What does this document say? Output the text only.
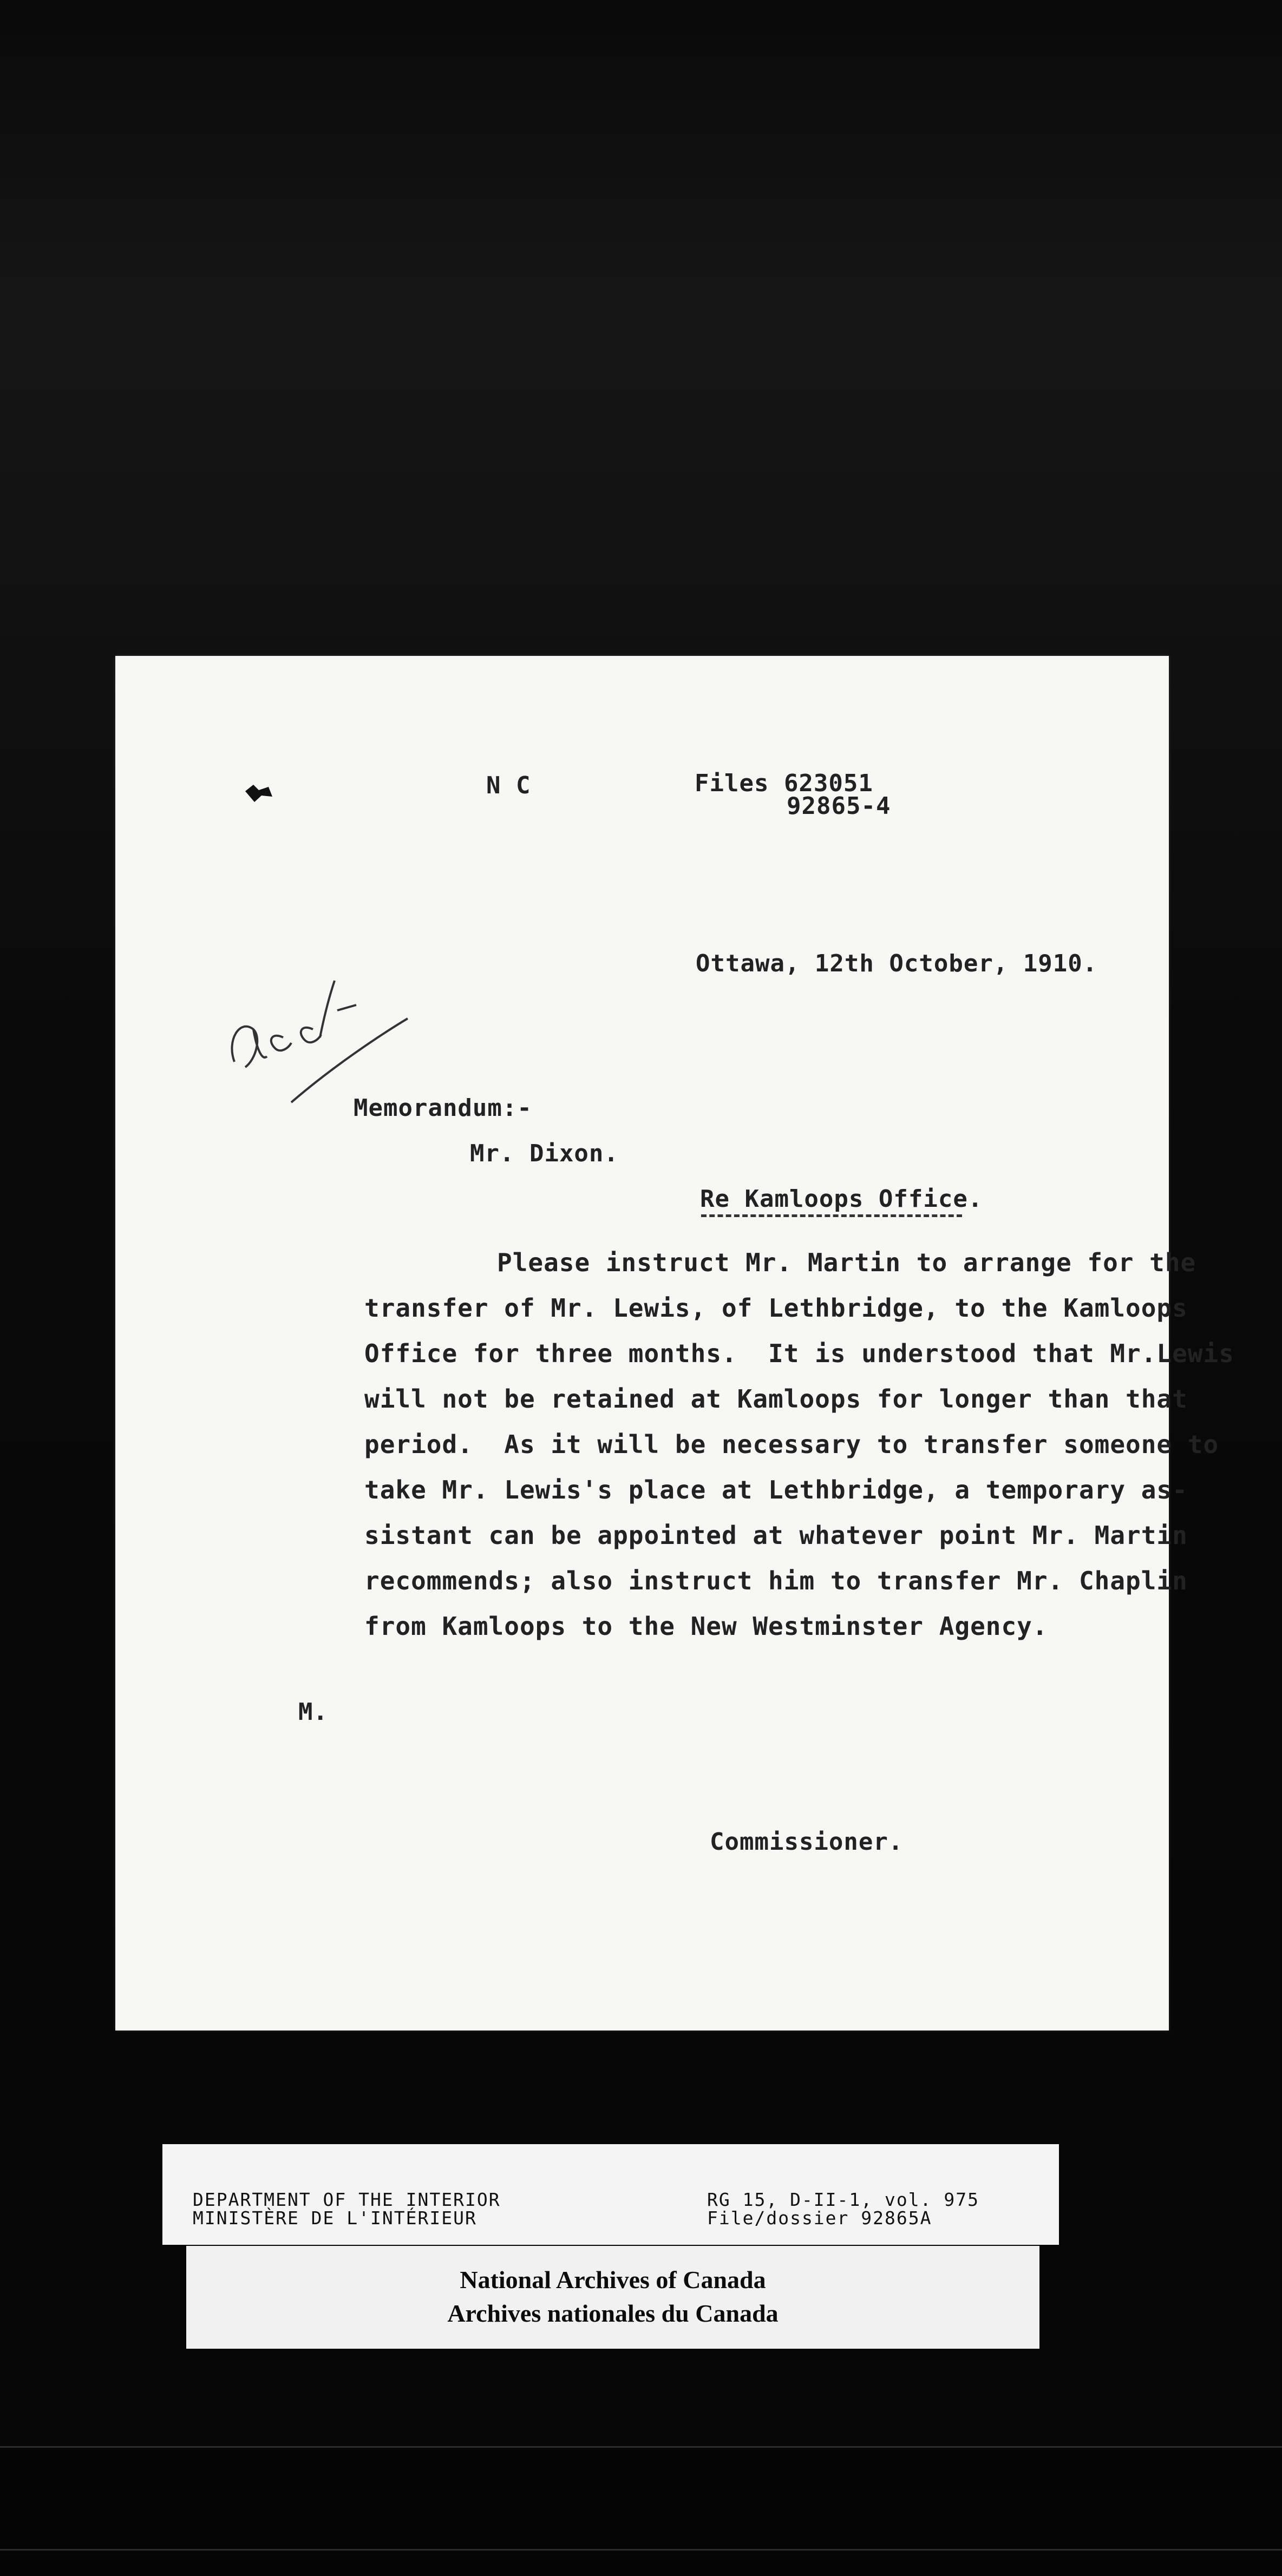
N C	Files 623051
92865-4
Ottawa, 12th October, 1910.
Memorandum:-
Mr. Dixon.
Re Kamloops Office.
Please instruct Mr. Martin to arrange for the
transfer of Mr. Lewis, of Lethbridge, to the Kamloops
Office for three months.  It is understood that Mr.Lewis
will not be retained at Kamloops for longer than that
period.  As it will be necessary to transfer someone to
take Mr. Lewis's place at Lethbridge, a temporary as-
sistant can be appointed at whatever point Mr. Martin
recommends; also instruct him to transfer Mr. Chaplin
from Kamloops to the New Westminster Agency.
M.
Commissioner.
DEPARTMENT OF THE INTERIOR
MINISTÈRE DE L'INTÉRIEUR
RG 15, D-II-1, vol. 975
File/dossier 92865A
National Archives of Canada
Archives nationales du Canada
